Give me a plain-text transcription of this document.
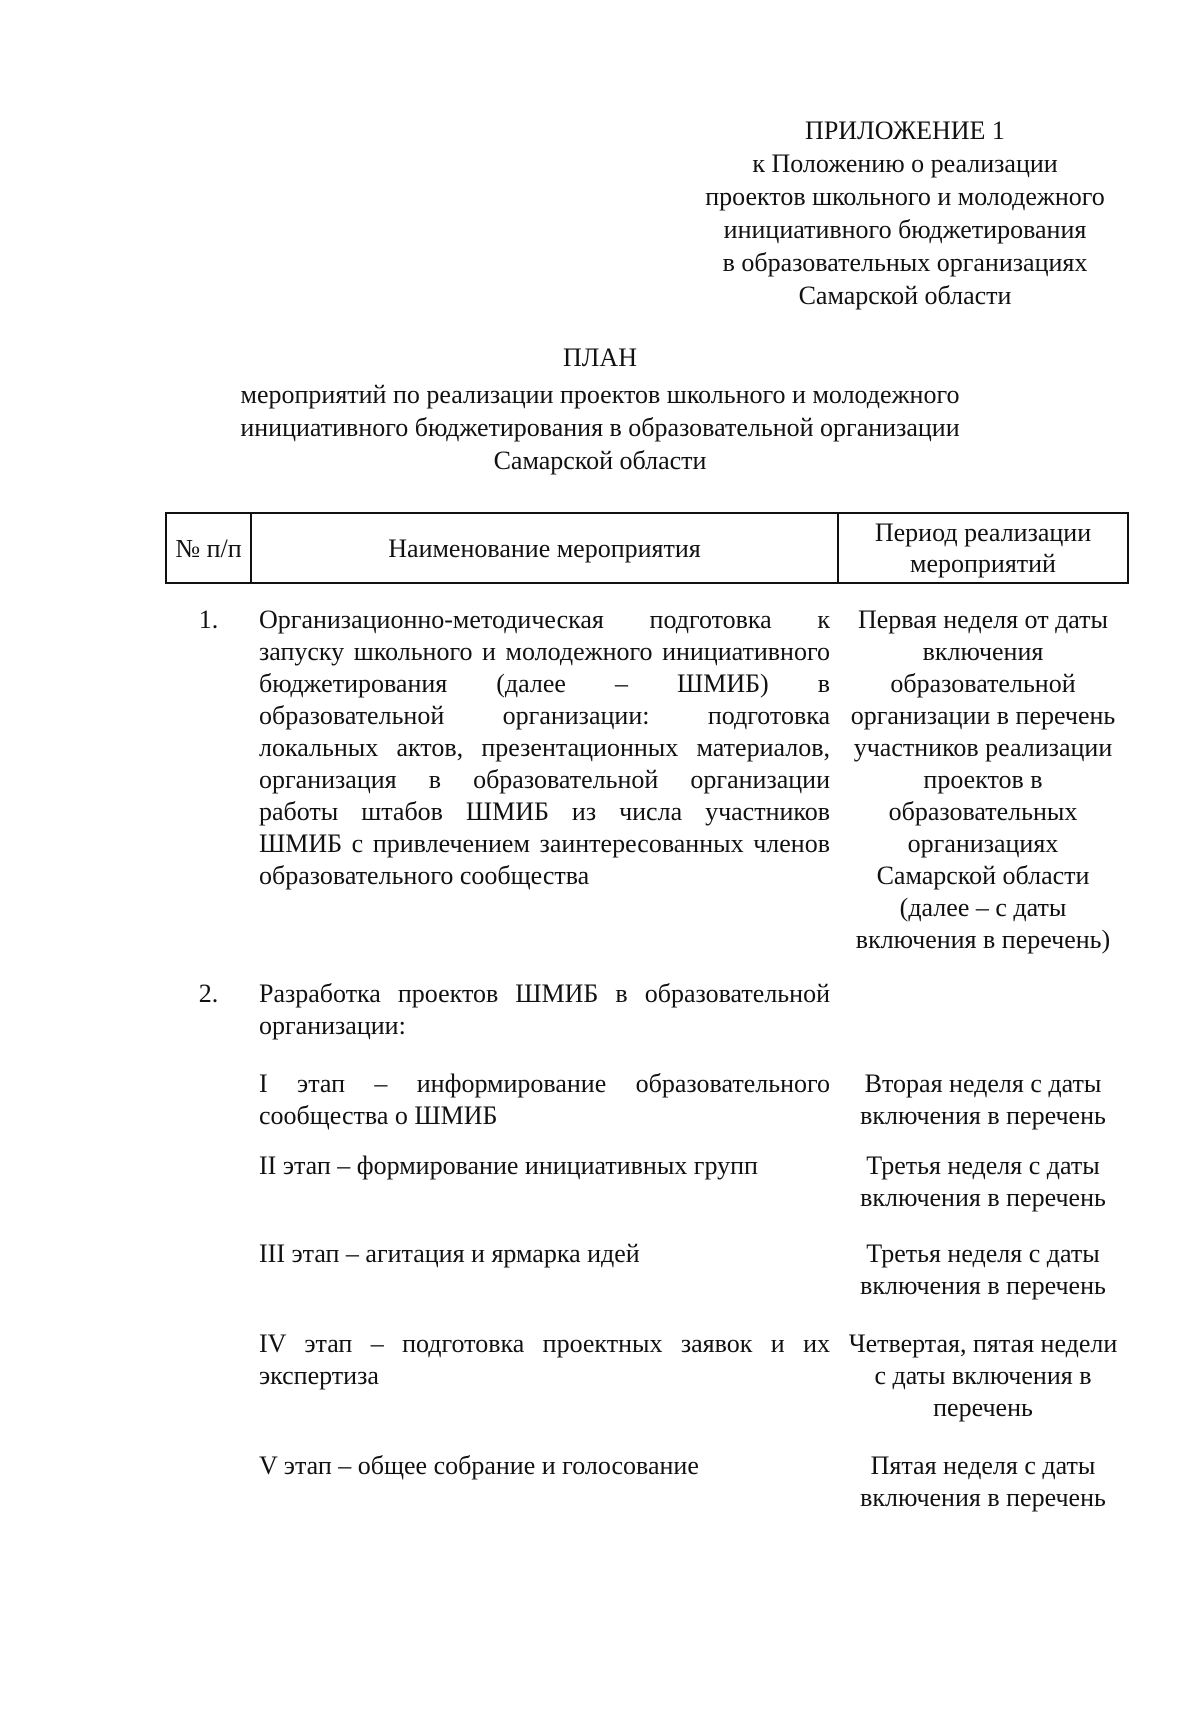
ПРИЛОЖЕНИЕ 1
к Положению о реализации
проектов школьного и молодежного
инициативного бюджетирования
в образовательных организациях
Самарской области
ПЛАН
мероприятий по реализации проектов школьного и молодежного
инициативного бюджетирования в образовательной организации
Самарской области
№ п/п	Наименование мероприятия	Период реализации мероприятий
1.	Организационно-методическая подготовка к запуску школьного и молодежного инициативного бюджетирования (далее – ШМИБ) в образовательной организации: подготовка локальных актов, презентационных материалов, организация в образовательной организации работы штабов ШМИБ из числа участников ШМИБ с привлечением заинтересованных членов образовательного сообщества	Первая неделя от даты включения образовательной организации в перечень участников реализации проектов в образовательных организациях Самарской области (далее – с даты включения в перечень)
2.	Разработка проектов ШМИБ в образовательной организации:	
	I этап – информирование образовательного сообщества о ШМИБ	Вторая неделя с даты включения в перечень
	II этап – формирование инициативных групп	Третья неделя с даты включения в перечень
	III этап – агитация и ярмарка идей	Третья неделя с даты включения в перечень
	IV этап – подготовка проектных заявок и их экспертиза	Четвертая, пятая недели с даты включения в перечень
	V этап – общее собрание и голосование	Пятая неделя с даты включения в перечень
